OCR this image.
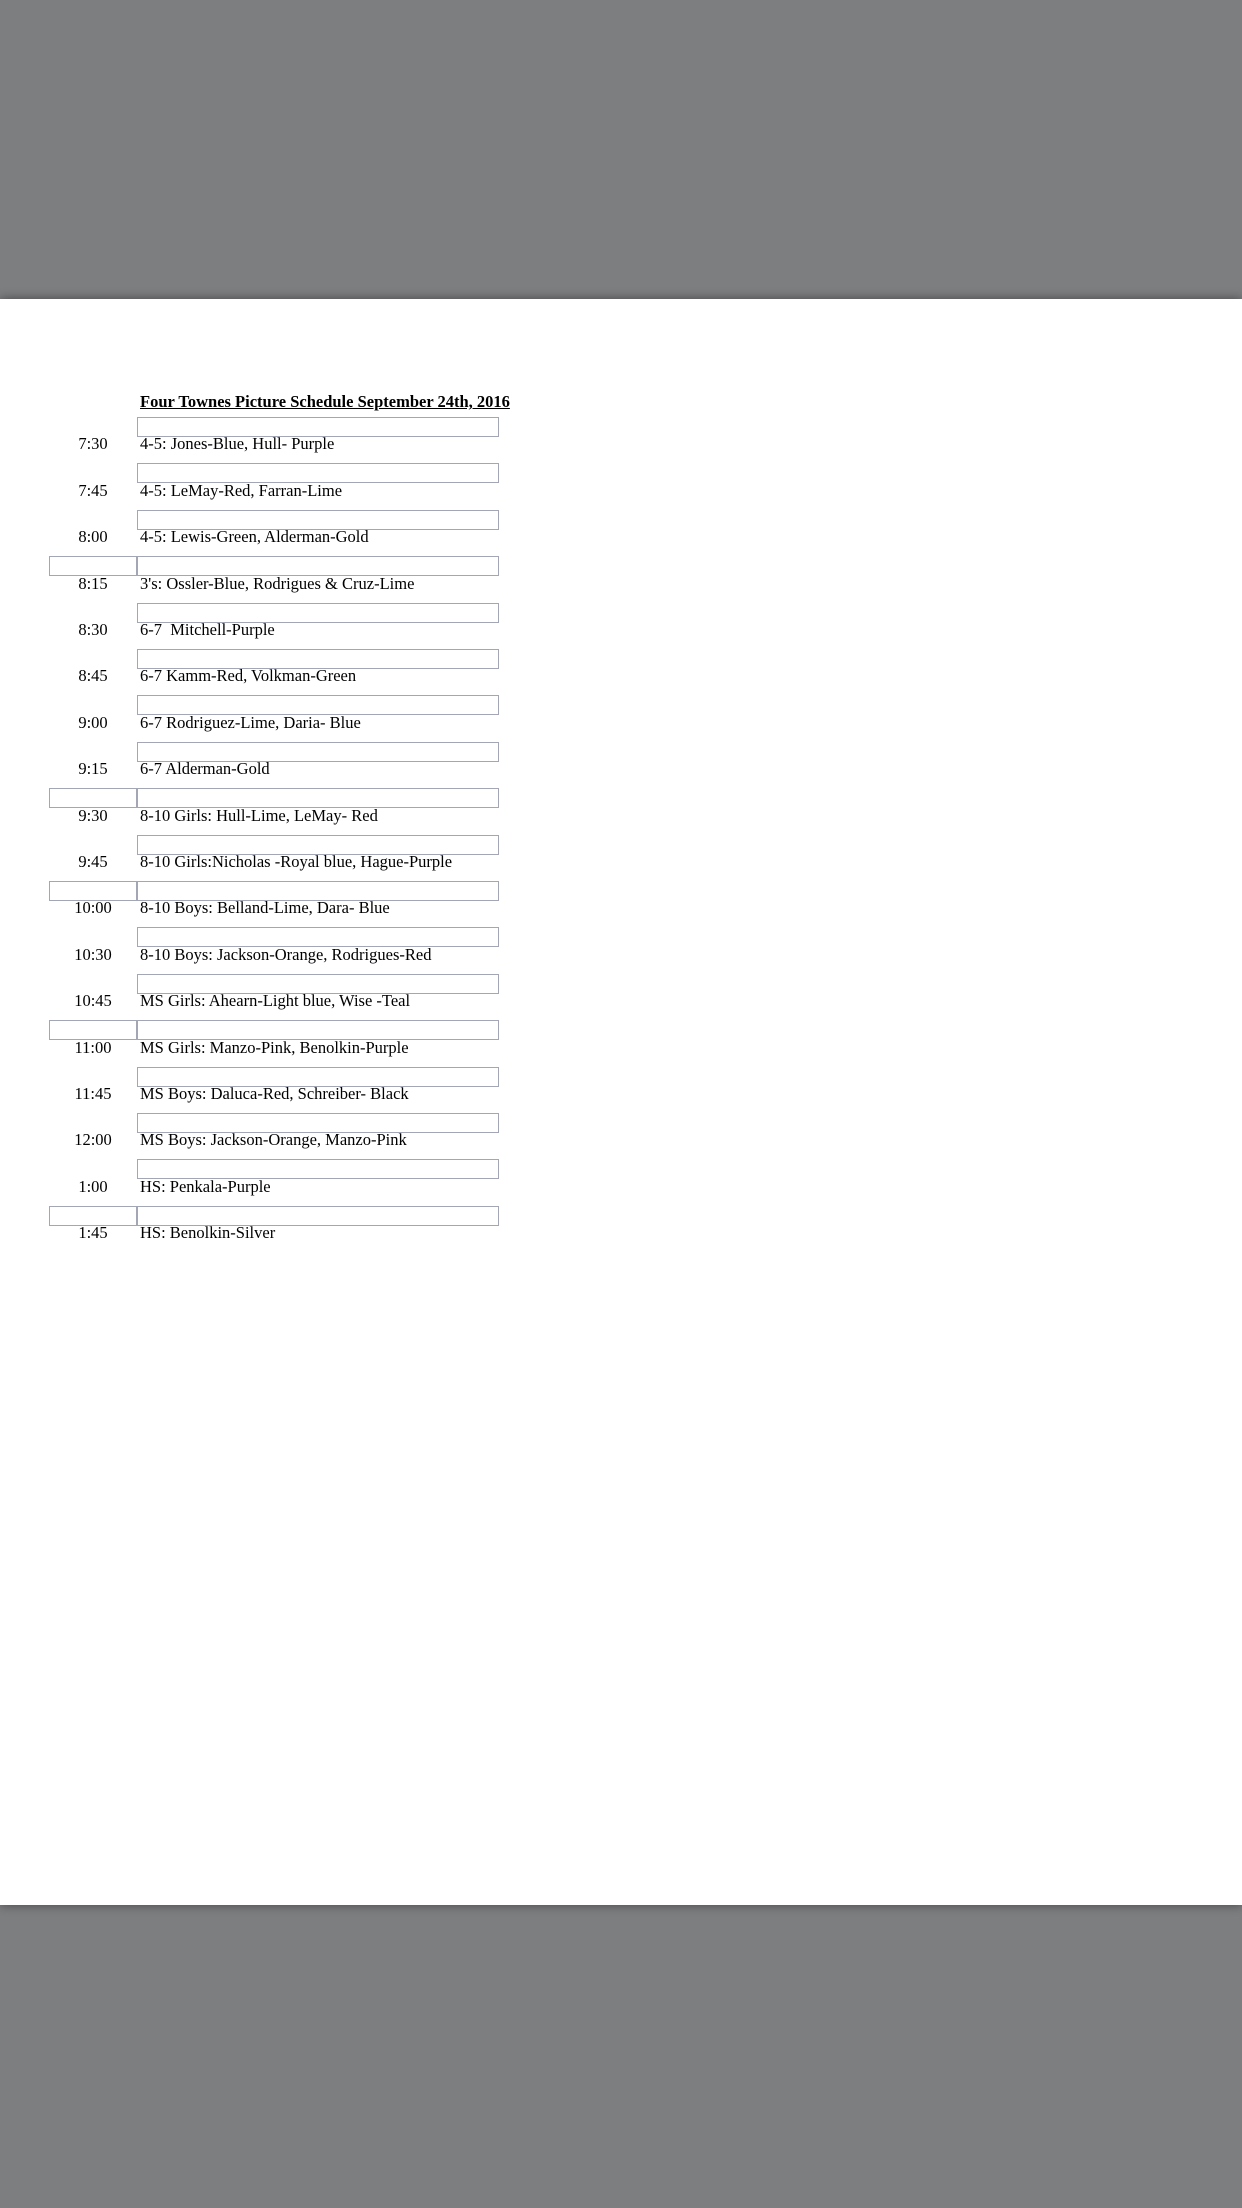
Four Townes Picture Schedule September 24th, 2016
7:30	4-5: Jones-Blue, Hull- Purple
7:45	4-5: LeMay-Red, Farran-Lime
8:00	4-5: Lewis-Green, Alderman-Gold
8:15	3's: Ossler-Blue, Rodrigues & Cruz-Lime
8:30	6-7  Mitchell-Purple
8:45	6-7 Kamm-Red, Volkman-Green
9:00	6-7 Rodriguez-Lime, Daria- Blue
9:15	6-7 Alderman-Gold
9:30	8-10 Girls: Hull-Lime, LeMay- Red
9:45	8-10 Girls:Nicholas -Royal blue, Hague-Purple
10:00	8-10 Boys: Belland-Lime, Dara- Blue
10:30	8-10 Boys: Jackson-Orange, Rodrigues-Red
10:45	MS Girls: Ahearn-Light blue, Wise -Teal
11:00	MS Girls: Manzo-Pink, Benolkin-Purple
11:45	MS Boys: Daluca-Red, Schreiber- Black
12:00	MS Boys: Jackson-Orange, Manzo-Pink
1:00	HS: Penkala-Purple
1:45	HS: Benolkin-Silver
